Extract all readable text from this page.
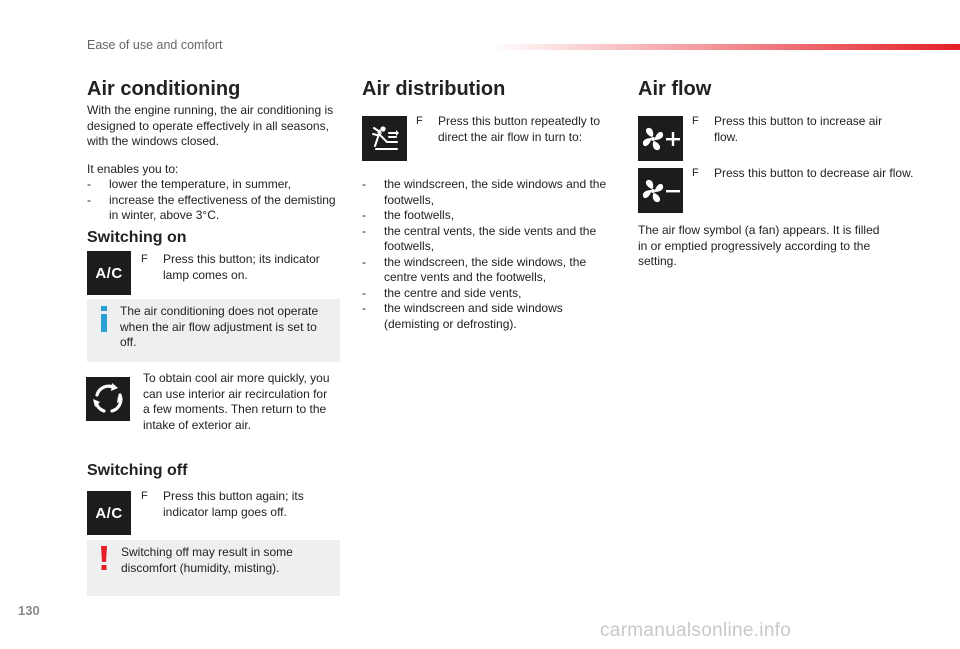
Ease of use and comfort
Air conditioning

With the engine running, the air conditioning is designed to operate effectively in all seasons, with the windows closed.

It enables you to:

- lower the temperature, in summer,
- increase the effectiveness of the demisting in winter, above 3°C.
Switching on
A/C
F Press this button; its indicator lamp comes on.
The air conditioning does not operate when the air flow adjustment is set to off.

To obtain cool air more quickly, you can use interior air recirculation for a few moments. Then return to the intake of exterior air.

Switching off
A/C
F Press this button again; its indicator lamp goes off.
Switching off may result in some discomfort (humidity, misting).
Air distribution
F Press this button repeatedly to direct the air flow in turn to:
- the windscreen, the side windows and the footwells,
- the footwells,
- the central vents, the side vents and the footwells,
- the windscreen, the side windows, the centre vents and the footwells,
- the centre and side vents,
- the windscreen and side windows (demisting or defrosting).
Air flow
F Press this button to increase air flow.
F Press this button to decrease air flow.

The air flow symbol (a fan) appears. It is filled in or emptied progressively according to the setting.

130
carmanualsonline.info
